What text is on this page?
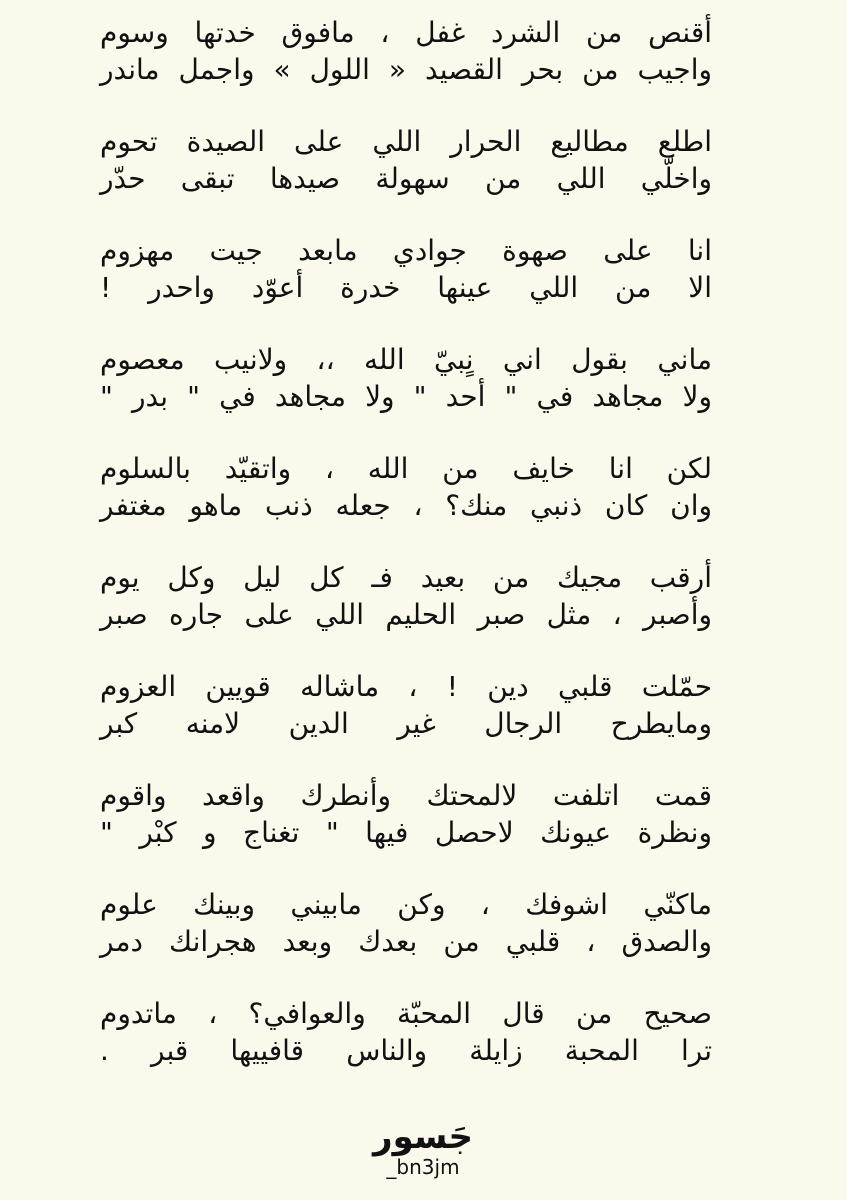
أقنص من الشرد غفل ، مافوق خدتها وسوم
واجيب من بحر القصيد « اللول » واجمل ماندر
اطلع مطاليع الحرار اللي على الصيدة تحوم
واخلّي اللي من سهولة صيدها تبقى حدّر
انا على صهوة جوادي مابعد جيت مهزوم
الا من اللي عينها خدرة أعوّد واحدر !
ماني بقول اني نٍبيّ الله ،، ولانيب معصوم
ولا مجاهد في " أحد " ولا مجاهد في " بدر "
لكن انا خايف من الله ، واتقيّد بالسلوم
وان كان ذنبي منك؟ ، جعله ذنب ماهو مغتفر
أرقب مجيك من بعيد فـ كل ليل وكل يوم
وأصبر ، مثل صبر الحليم اللي على جاره صبر
حمّلت قلبي دين ! ، ماشاله قويين العزوم
ومايطرح الرجال غير الدين لامنه كبر
قمت اتلفت لالمحتك وأنطرك واقعد واقوم
ونظرة عيونك لاحصل فيها " تغناج و كبْر "
ماكنّي اشوفك ، وكن مابيني وبينك علوم
والصدق ، قلبي من بعدك وبعد هجرانك دمر
صحيح من قال المحبّة والعوافي؟ ، ماتدوم
ترا المحبة زايلة والناس قافييها قبر .
جَسور
_bn3jm
